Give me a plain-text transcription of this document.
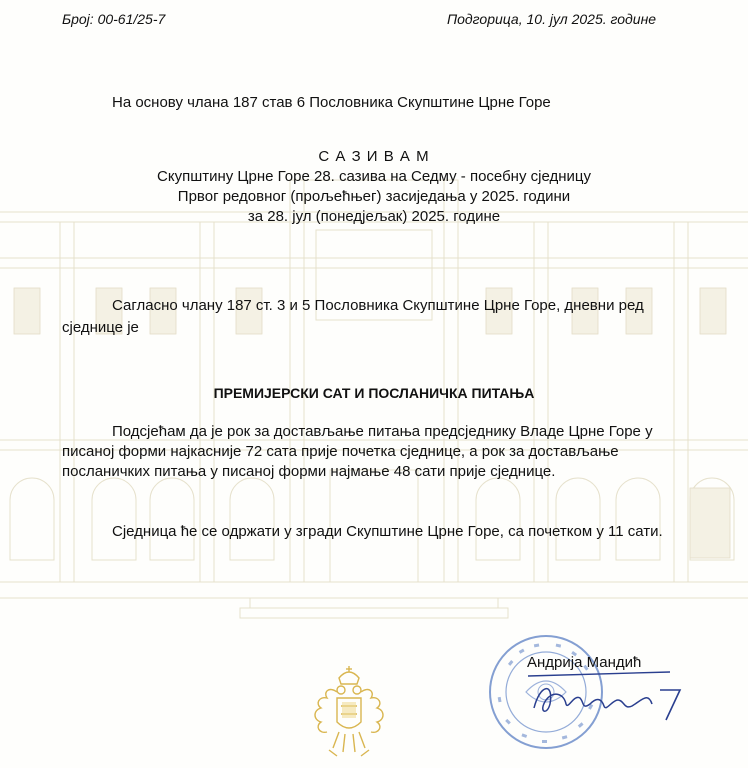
Број: 00-61/25-7	Подгорица, 10. јул 2025. године
На основу члана 187 став 6 Пословника Скупштине Црне Горе
С А З И В А М
Скупштину Црне Горе 28. сазива на Седму - посебну сједницу
Првог редовног (прољећњег) засиједања у 2025. години
за 28. јул (понедјељак) 2025. године
Сагласно члану 187 ст. 3 и 5 Пословника Скупштине Црне Горе, дневни ред
сједнице је
ПРЕМИЈЕРСКИ САТ И ПОСЛАНИЧКА ПИТАЊА
Подсјећам да је рок за достављање питања предсједнику Владе Црне Горе у
писаној форми најкасније 72 сата прије почетка сједнице, а рок за достављање
посланичких питања у писаној форми најмање 48 сати прије сједнице.
Сједница ће се одржати у згради Скупштине Црне Горе, са почетком у 11 сати.
Андрија Мандић
